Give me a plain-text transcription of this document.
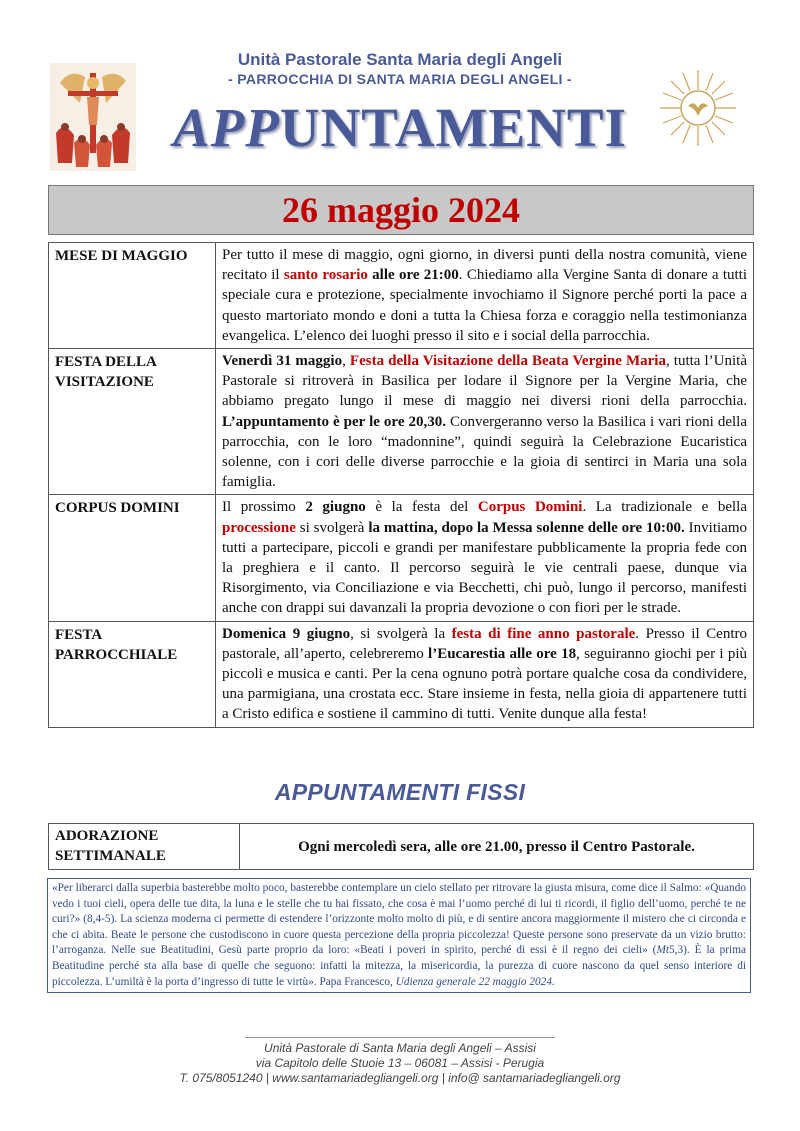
Unità Pastorale Santa Maria degli Angeli
- PARROCCHIA DI SANTA MARIA DEGLI ANGELI -
APPUNTAMENTI
26 maggio 2024
MESE DI MAGGIO	Per tutto il mese di maggio, ogni giorno, in diversi punti della nostra comunità, viene recitato il santo rosario alle ore 21:00. Chiediamo alla Vergine Santa di donare a tutti speciale cura e protezione, specialmente invochiamo il Signore perché porti la pace a questo martoriato mondo e doni a tutta la Chiesa forza e coraggio nella testimonianza evangelica. L’elenco dei luoghi presso il sito e i social della parrocchia.
FESTA DELLA VISITAZIONE	Venerdì 31 maggio, Festa della Visitazione della Beata Vergine Maria, tutta l’Unità Pastorale si ritroverà in Basilica per lodare il Signore per la Vergine Maria, che abbiamo pregato lungo il mese di maggio nei diversi rioni della parrocchia. L’appuntamento è per le ore 20,30. Convergeranno verso la Basilica i vari rioni della parrocchia, con le loro “madonnine”, quindi seguirà la Celebrazione Eucaristica solenne, con i cori delle diverse parrocchie e la gioia di sentirci in Maria una sola famiglia.
CORPUS DOMINI	Il prossimo 2 giugno è la festa del Corpus Domini. La tradizionale e bella processione si svolgerà la mattina, dopo la Messa solenne delle ore 10:00. Invitiamo tutti a partecipare, piccoli e grandi per manifestare pubblicamente la propria fede con la preghiera e il canto. Il percorso seguirà le vie centrali paese, dunque via Risorgimento, via Conciliazione e via Becchetti, chi può, lungo il percorso, manifesti anche con drappi sui davanzali la propria devozione o con fiori per le strade.
FESTA PARROCCHIALE	Domenica 9 giugno, si svolgerà la festa di fine anno pastorale. Presso il Centro pastorale, all’aperto, celebreremo l’Eucarestia alle ore 18, seguiranno giochi per i più piccoli e musica e canti. Per la cena ognuno potrà portare qualche cosa da condividere, una parmigiana, una crostata ecc. Stare insieme in festa, nella gioia di appartenere tutti a Cristo edifica e sostiene il cammino di tutti. Venite dunque alla festa!
APPUNTAMENTI FISSI
ADORAZIONE SETTIMANALE	Ogni mercoledì sera, alle ore 21.00, presso il Centro Pastorale.
«Per liberarci dalla superbia basterebbe molto poco, basterebbe contemplare un cielo stellato per ritrovare la giusta misura, come dice il Salmo: «Quando vedo i tuoi cieli, opera delle tue dita, la luna e le stelle che tu hai fissato, che cosa è mai l’uomo perché di lui ti ricordi, il figlio dell’uomo, perché te ne curi?» (8,4-5). La scienza moderna ci permette di estendere l’orizzonte molto molto di più, e di sentire ancora maggiormente il mistero che ci circonda e che ci abita. Beate le persone che custodiscono in cuore questa percezione della propria piccolezza! Queste persone sono preservate da un vizio brutto: l’arroganza. Nelle sue Beatitudini, Gesù parte proprio da loro: «Beati i poveri in spirito, perché di essi è il regno dei cieli» (Mt5,3). È la prima Beatitudine perché sta alla base di quelle che seguono: infatti la mitezza, la misericordia, la purezza di cuore nascono da quel senso interiore di piccolezza. L’umiltà è la porta d’ingresso di tutte le virtù». Papa Francesco, Udienza generale 22 maggio 2024.
Unità Pastorale di Santa Maria degli Angeli – Assisi
via Capitolo delle Stuoie 13 – 06081 – Assisi - Perugia
T. 075/8051240 | www.santamariadegliangeli.org | info@ santamariadegliangeli.org
